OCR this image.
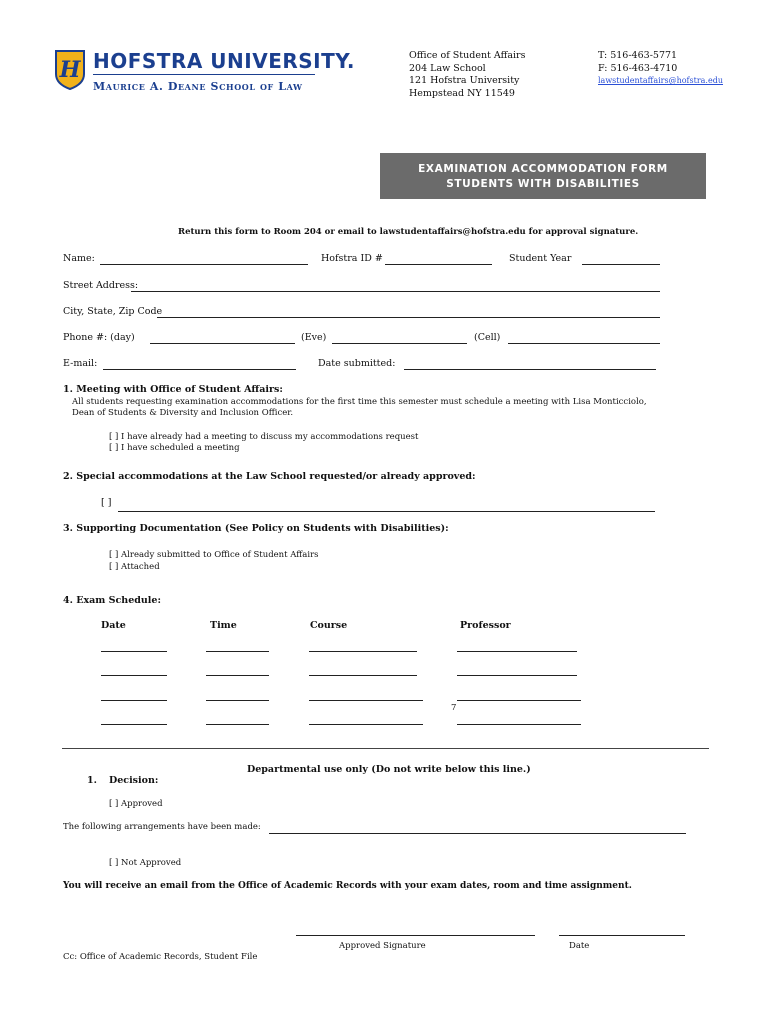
H HOFSTRA UNIVERSITY.
Maurice A. Deane School of Law
Office of Student Affairs
204 Law School
121 Hofstra University
Hempstead NY 11549
T: 516-463-5771
F: 516-463-4710
lawstudentaffairs@hofstra.edu
EXAMINATION ACCOMMODATION FORM
STUDENTS WITH DISABILITIES
Return this form to Room 204 or email to lawstudentaffairs@hofstra.edu for approval signature.
Name:	Hofstra ID #	Student Year
Street Address:
City, State, Zip Code
Phone #: (day)	(Eve)	(Cell)
E-mail:	Date submitted:
1. Meeting with Office of Student Affairs:
All students requesting examination accommodations for the first time this semester must schedule a meeting with Lisa Monticciolo,
Dean of Students & Diversity and Inclusion Officer.
[ ] I have already had a meeting to discuss my accommodations request
[ ] I have scheduled a meeting
2. Special accommodations at the Law School requested/or already approved:
[ ]
3. Supporting Documentation (See Policy on Students with Disabilities):
[ ] Already submitted to Office of Student Affairs
[ ] Attached
4. Exam Schedule:
Date	Time	Course	Professor
7
Departmental use only (Do not write below this line.)
1. Decision:
[ ] Approved
The following arrangements have been made:
[ ] Not Approved
You will receive an email from the Office of Academic Records with your exam dates, room and time assignment.
Approved Signature	Date
Cc: Office of Academic Records, Student File
